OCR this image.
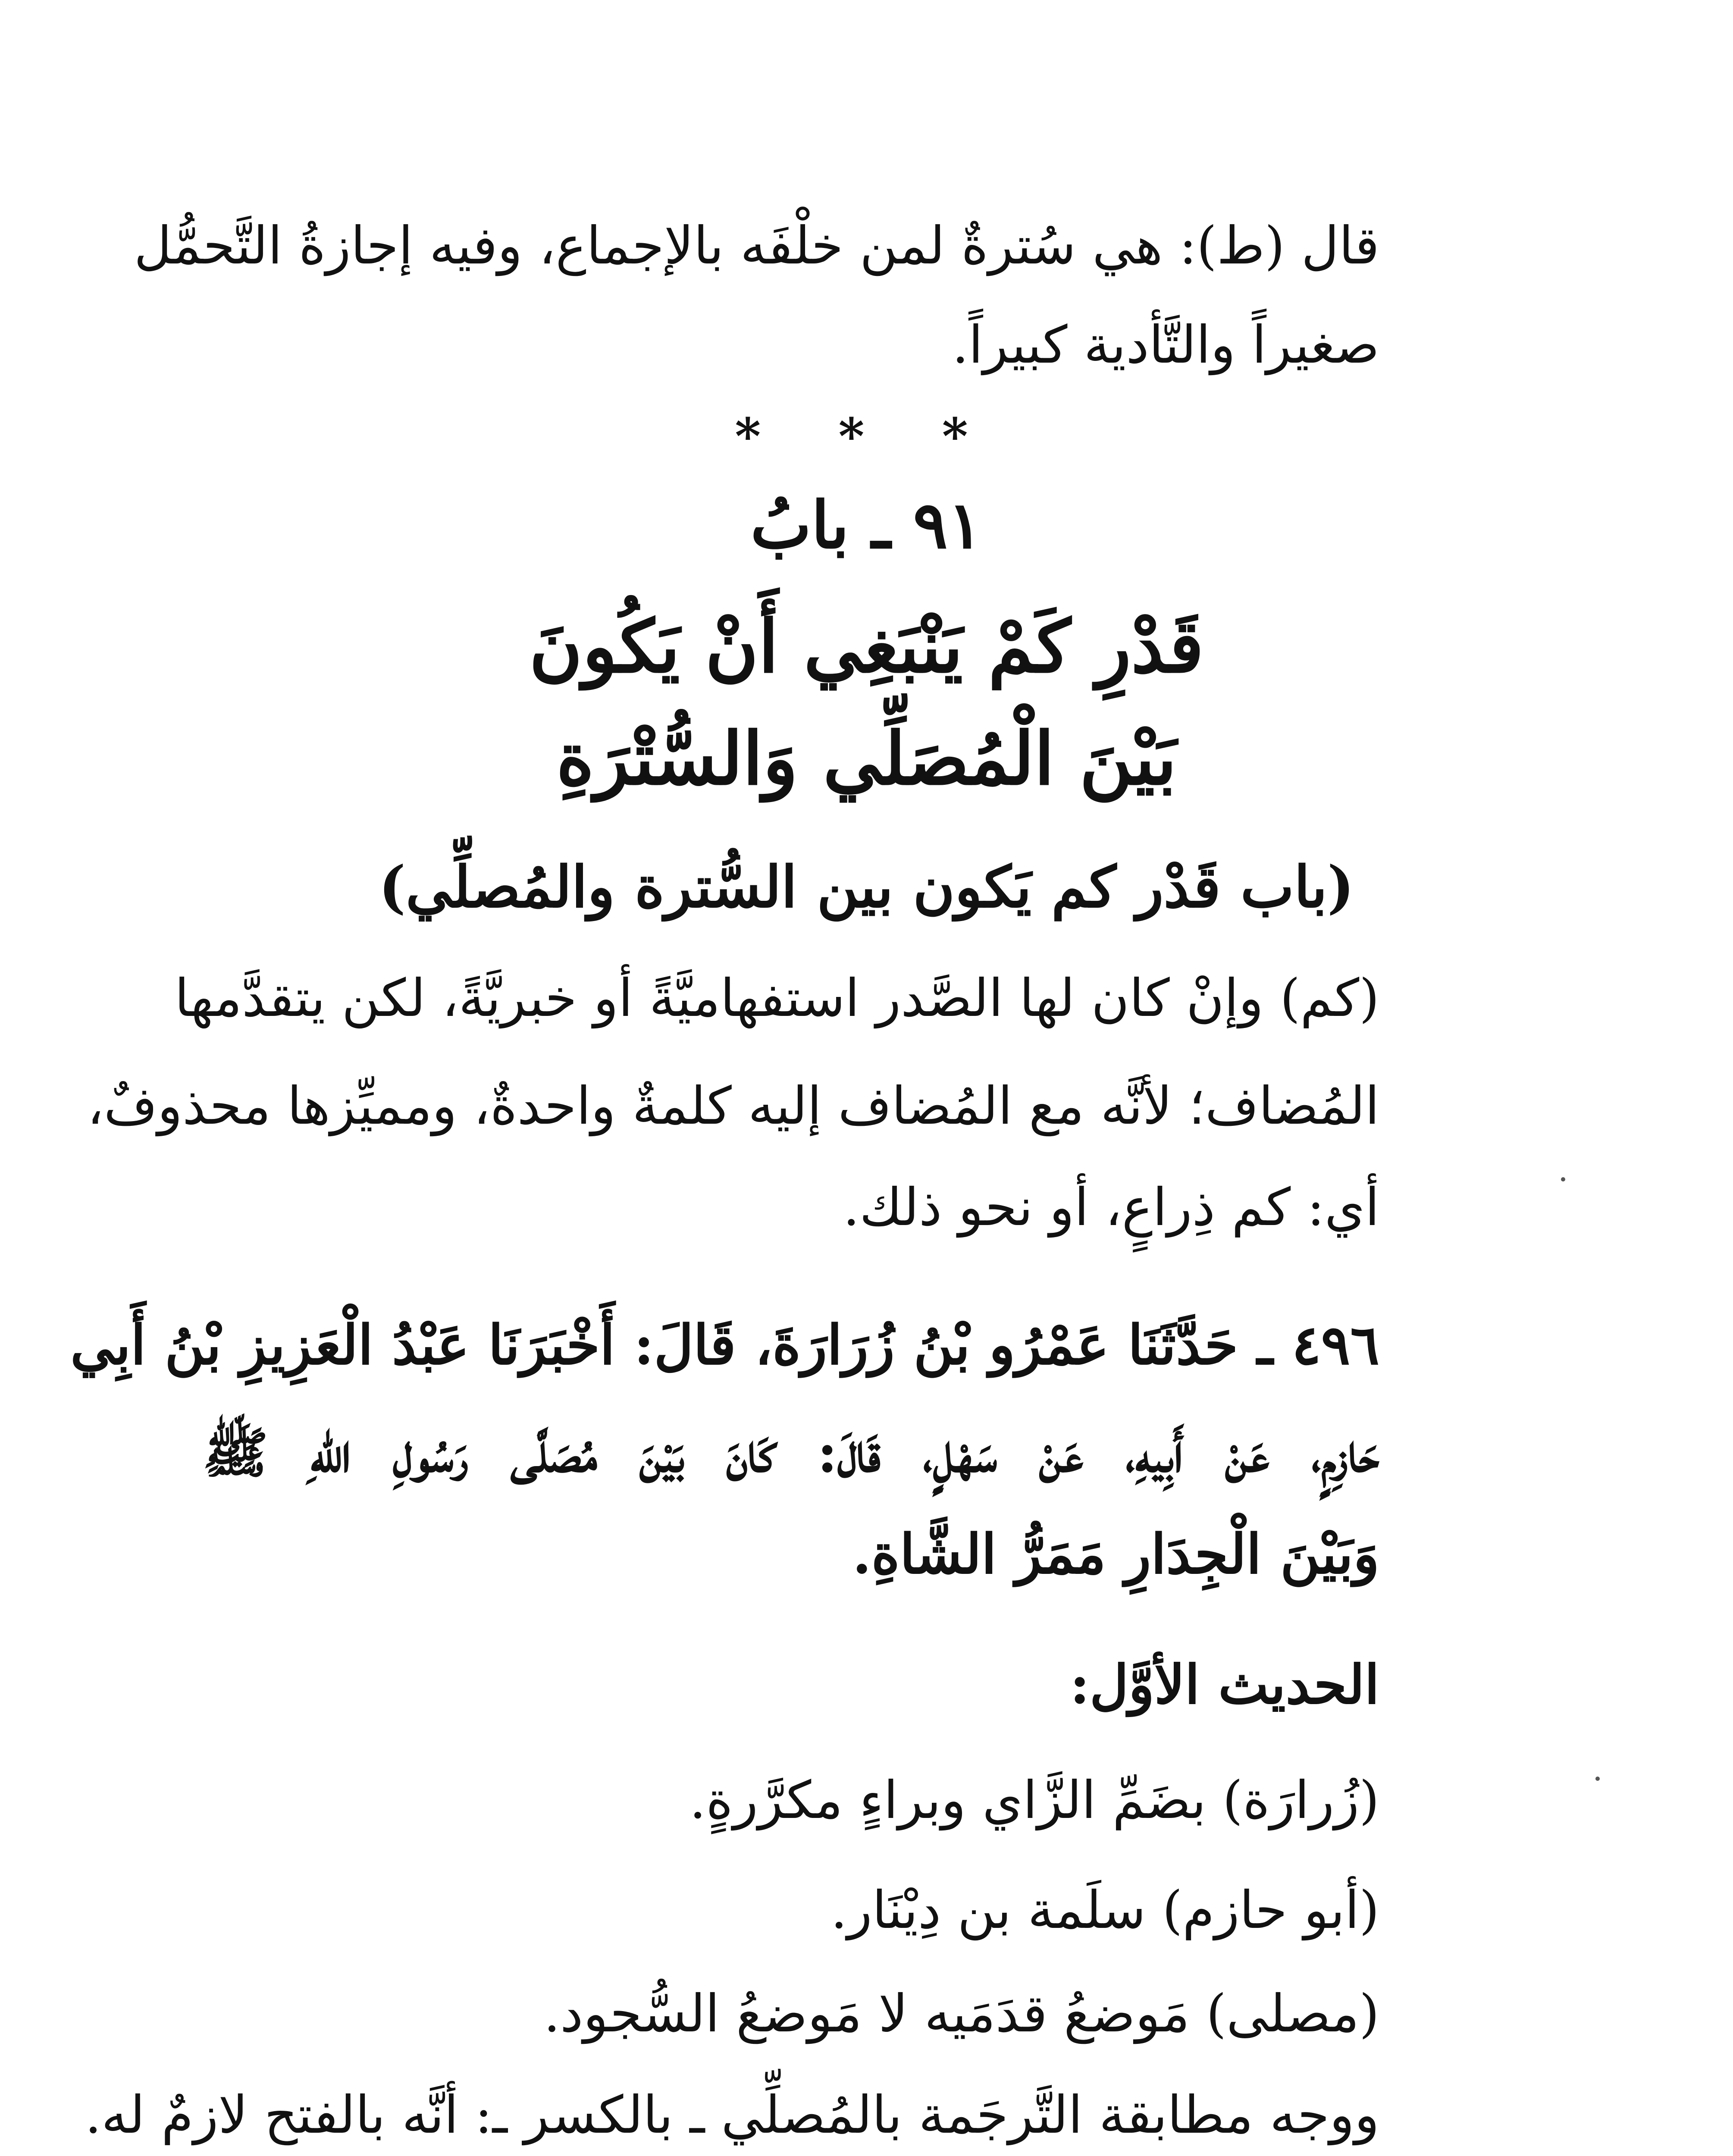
قال (ط): هي سُترةٌ لمن خلْفَه بالإجماع، وفيه إجازةُ التَّحمُّل
صغيراً والتَّأدية كبيراً.
* * *
٩١ ـ بابُ
قَدْرِ كَمْ يَنْبَغِي أَنْ يَكُونَ
بَيْنَ الْمُصَلِّي وَالسُّتْرَةِ
(باب قَدْر كم يَكون بين السُّترة والمُصلِّي)
(كم) وإنْ كان لها الصَّدر استفهاميَّةً أو خبريَّةً، لكن يتقدَّمها
المُضاف؛ لأنَّه مع المُضاف إليه كلمةٌ واحدةٌ، ومميِّزها محذوفٌ،
أي: كم ذِراعٍ، أو نحو ذلك.
٤٩٦ ـ حَدَّثَنَا عَمْرُو بْنُ زُرَارَةَ، قَالَ: أَخْبَرَنَا عَبْدُ الْعَزِيزِ بْنُ أَبِي
حَازِمٍ، عَنْ أَبِيهِ، عَنْ سَهْلٍ، قَالَ: كَانَ بَيْنَ مُصَلَّى رَسُولِ اللهِ ﷺ
وَبَيْنَ الْجِدَارِ مَمَرُّ الشَّاةِ.
الحديث الأوَّل:
(زُرارَة) بضَمِّ الزَّاي وبراءٍ مكرَّرةٍ.
(أبو حازم) سلَمة بن دِيْنَار.
(مصلى) مَوضعُ قدَمَيه لا مَوضعُ السُّجود.
ووجه مطابقة التَّرجَمة بالمُصلِّي ـ بالكسر ـ: أنَّه بالفتح لازمٌ له.
